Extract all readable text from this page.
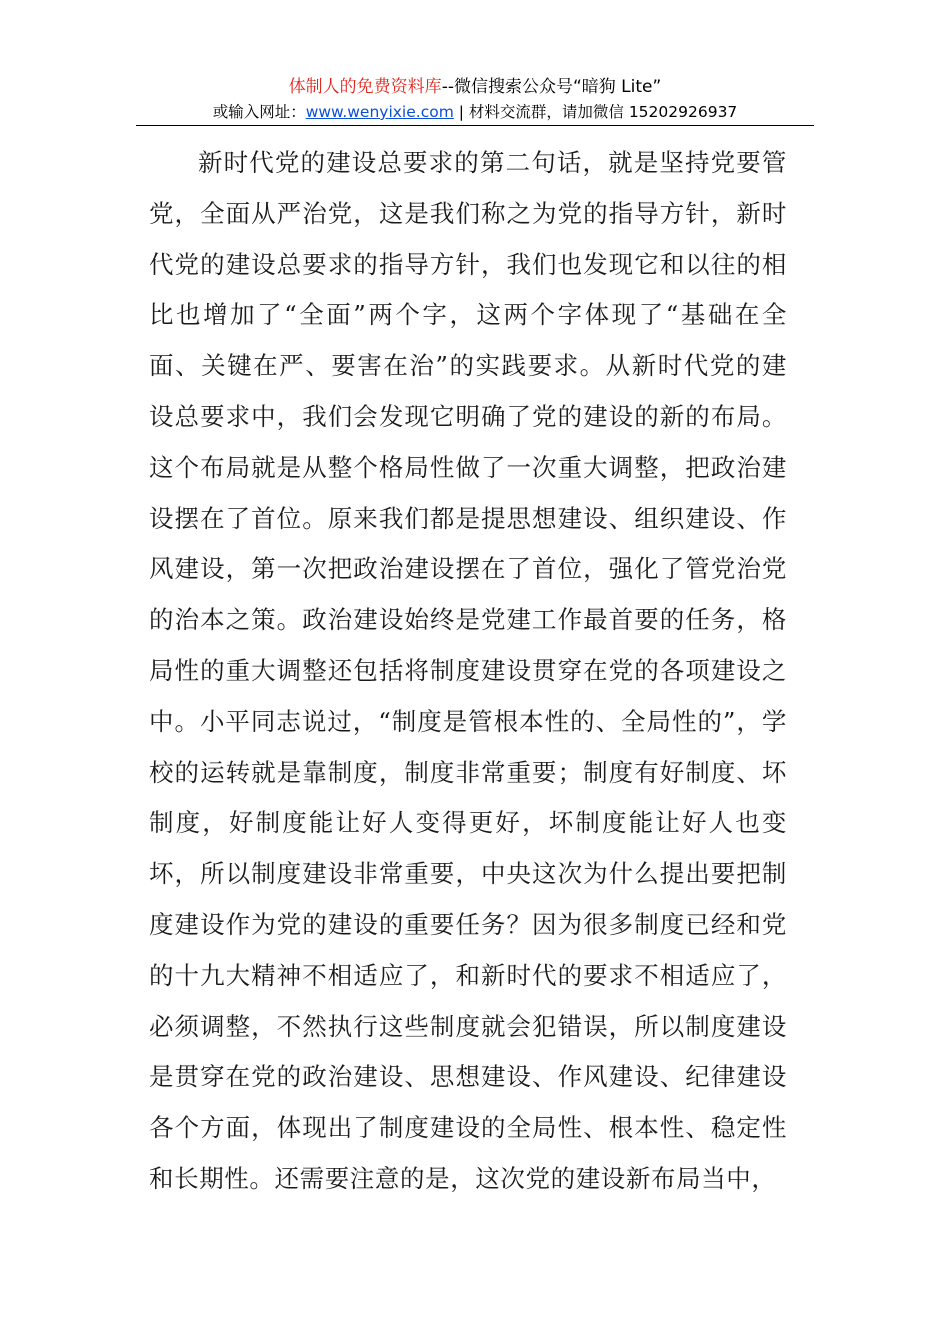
体制人的免费资料库--微信搜索公众号“暗狗 Lite”
或输入网址：www.wenyixie.com | 材料交流群，请加微信 15202926937

新时代党的建设总要求的第二句话，就是坚持党要管党，全面从严治党，这是我们称之为党的指导方针，新时代党的建设总要求的指导方针，我们也发现它和以往的相比也增加了“全面”两个字，这两个字体现了“基础在全面、关键在严、要害在治”的实践要求。从新时代党的建设总要求中，我们会发现它明确了党的建设的新的布局。这个布局就是从整个格局性做了一次重大调整，把政治建设摆在了首位。原来我们都是提思想建设、组织建设、作风建设，第一次把政治建设摆在了首位，强化了管党治党的治本之策。政治建设始终是党建工作最首要的任务，格局性的重大调整还包括将制度建设贯穿在党的各项建设之中。小平同志说过，“制度是管根本性的、全局性的”，学校的运转就是靠制度，制度非常重要；制度有好制度、坏制度，好制度能让好人变得更好，坏制度能让好人也变坏，所以制度建设非常重要，中央这次为什么提出要把制度建设作为党的建设的重要任务？因为很多制度已经和党的十九大精神不相适应了，和新时代的要求不相适应了，必须调整，不然执行这些制度就会犯错误，所以制度建设是贯穿在党的政治建设、思想建设、作风建设、纪律建设各个方面，体现出了制度建设的全局性、根本性、稳定性和长期性。还需要注意的是，这次党的建设新布局当中，
